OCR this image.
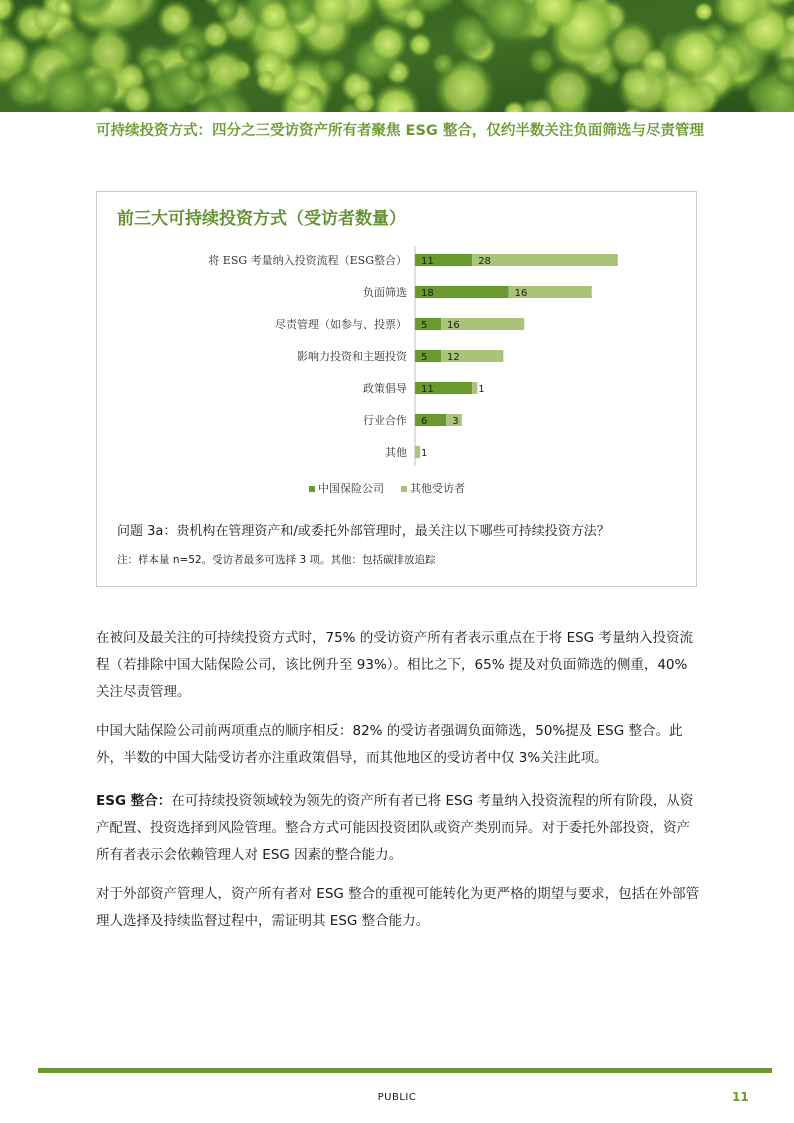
可持续投资方式：四分之三受访资产所有者聚焦 ESG 整合，仅约半数关注负面筛选与尽责管理
前三大可持续投资方式（受访者数量）
将 ESG 考量纳入投资流程（ESG整合） 11	28
负面筛选 18	16
尽责管理（如参与、投票） 5 16
影响力投资和主题投资 5 12
政策倡导 11	1
行业合作 6 3
其他 1
中国保险公司 其他受访者

问题 3a：贵机构在管理资产和/或委托外部管理时，最关注以下哪些可持续投资方法？

注：样本量 n=52。受访者最多可选择 3 项。其他：包括碳排放追踪

在被问及最关注的可持续投资方式时，75% 的受访资产所有者表示重点在于将 ESG 考量纳入投资流程（若排除中国大陆保险公司，该比例升至 93%）。相比之下，65% 提及对负面筛选的侧重，40%关注尽责管理。

中国大陆保险公司前两项重点的顺序相反：82% 的受访者强调负面筛选，50%提及 ESG 整合。此外，半数的中国大陆受访者亦注重政策倡导，而其他地区的受访者中仅 3%关注此项。

ESG 整合：在可持续投资领域较为领先的资产所有者已将 ESG 考量纳入投资流程的所有阶段，从资产配置、投资选择到风险管理。整合方式可能因投资团队或资产类别而异。对于委托外部投资，资产所有者表示会依赖管理人对 ESG 因素的整合能力。

对于外部资产管理人，资产所有者对 ESG 整合的重视可能转化为更严格的期望与要求，包括在外部管理人选择及持续监督过程中，需证明其 ESG 整合能力。

PUBLIC	11
